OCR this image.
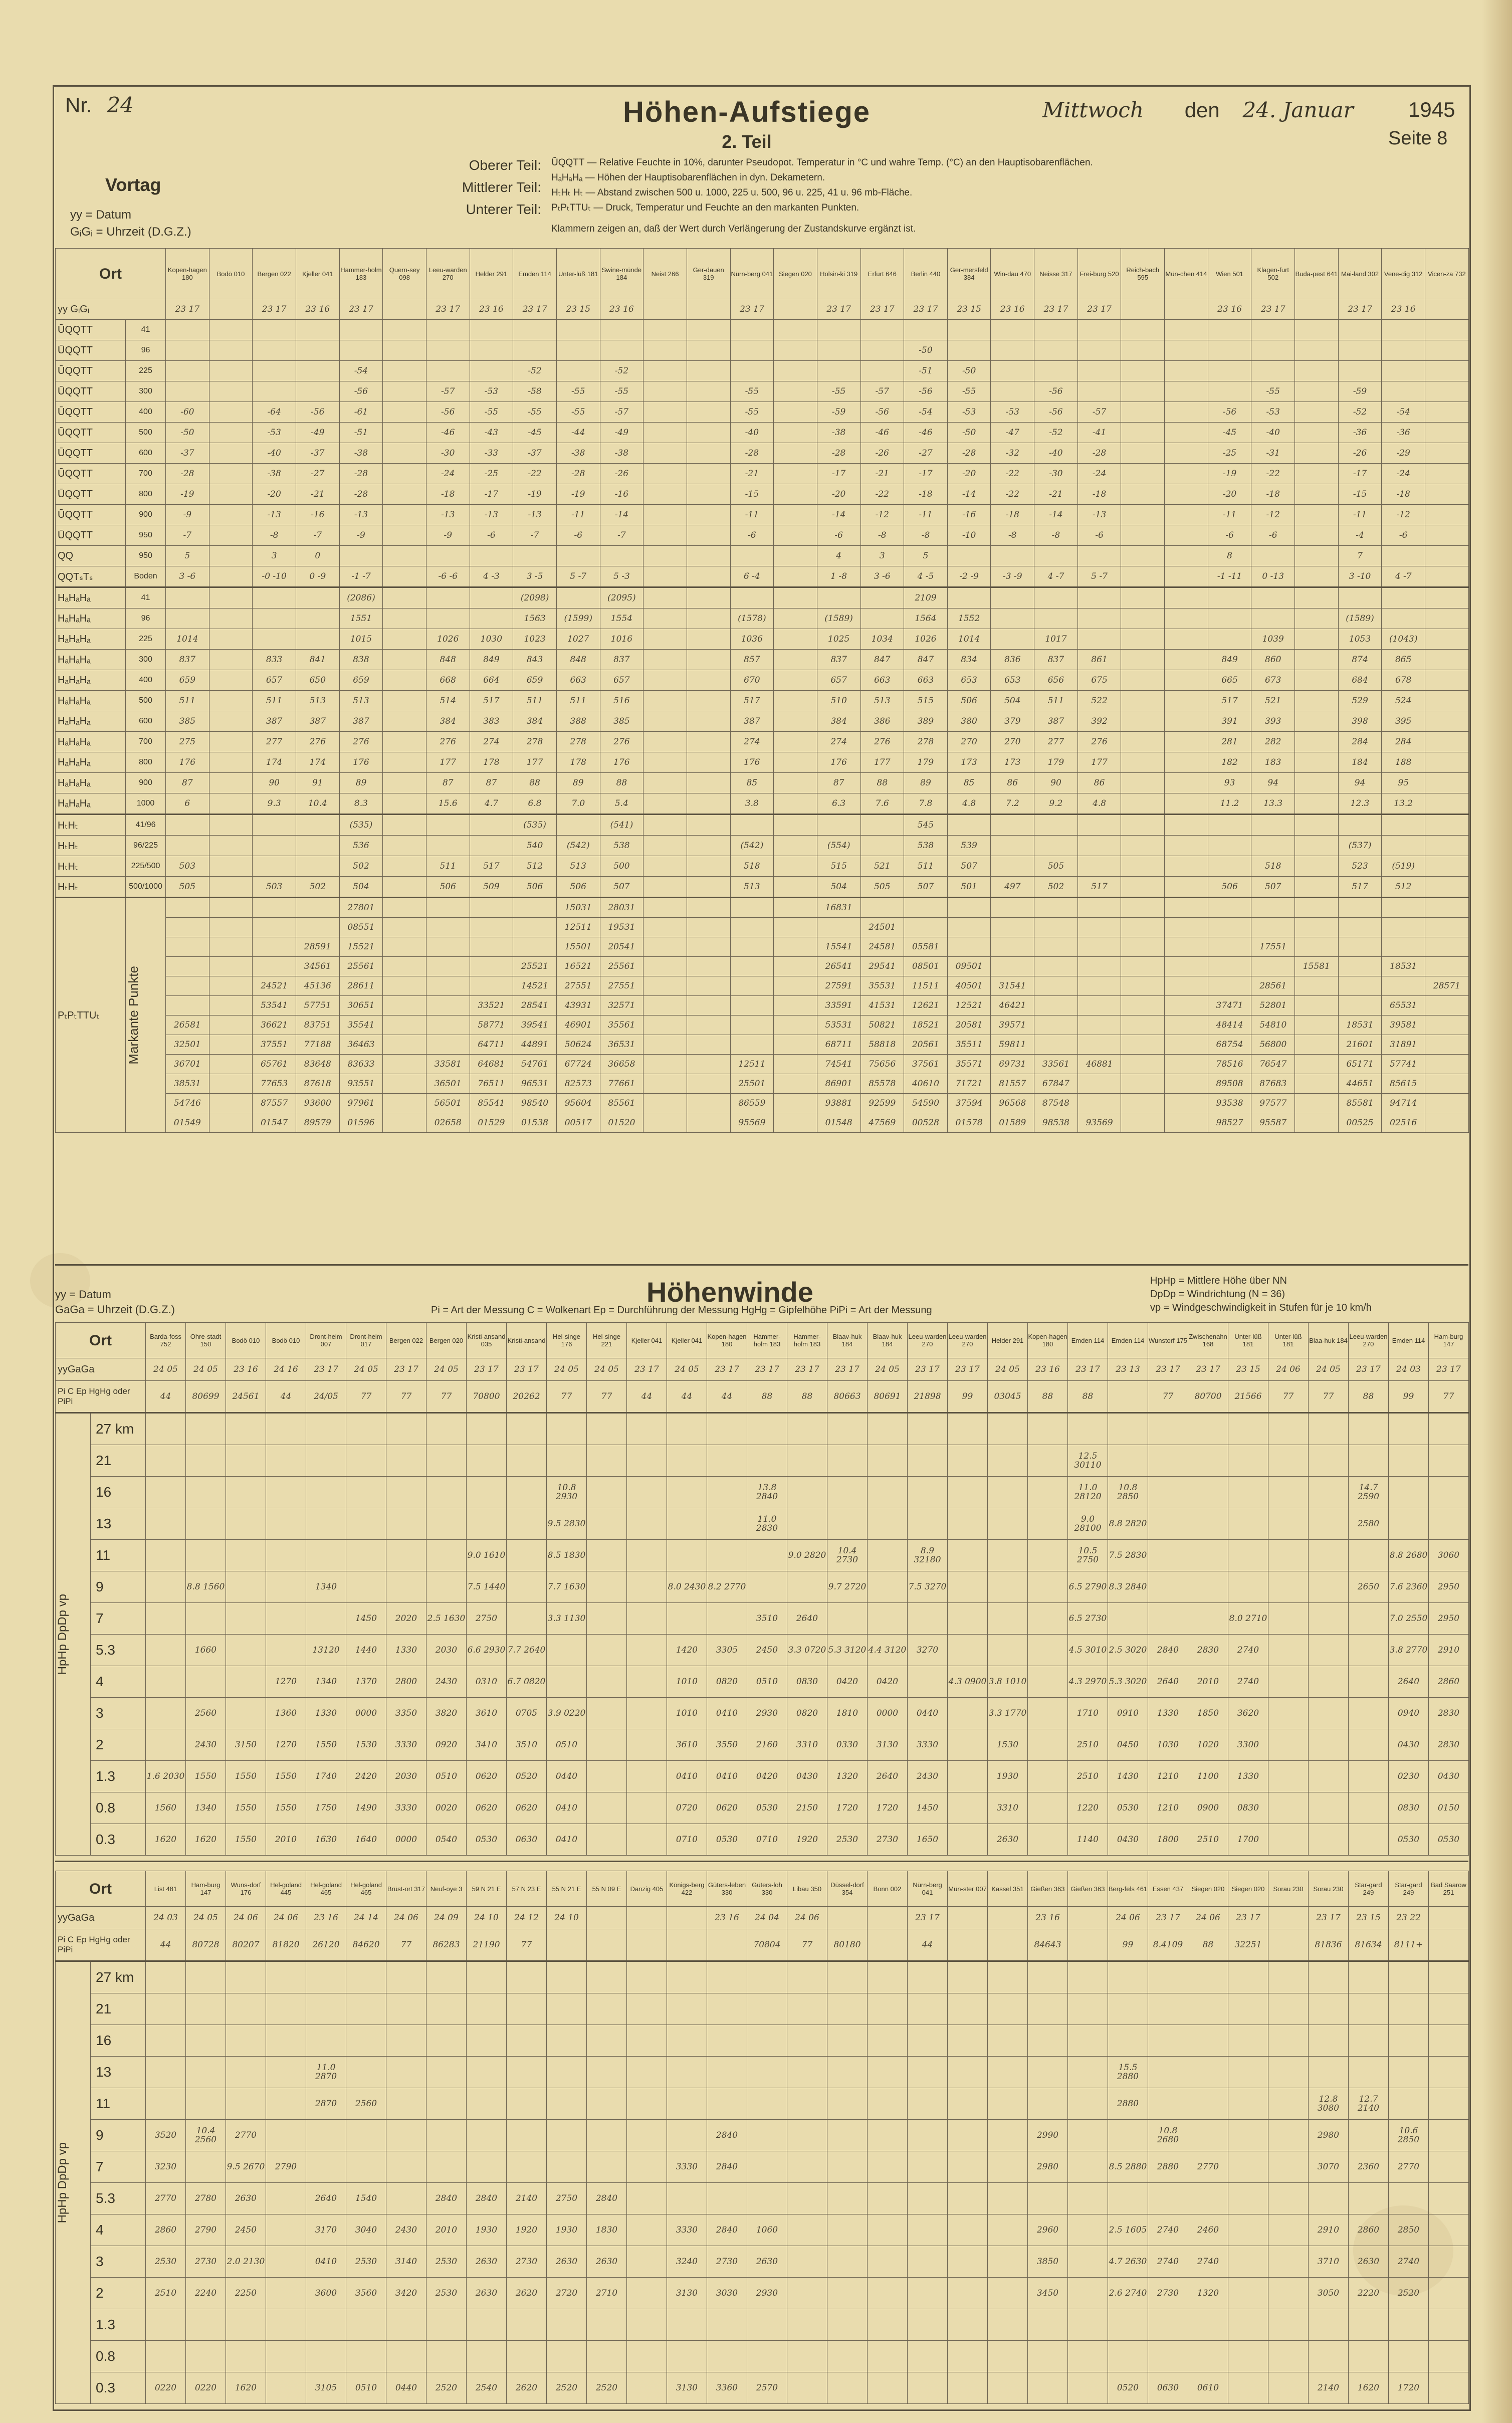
Nr. 24	Höhen-Aufstiege
2. Teil
Mittwoch den 24. Januar	1945
Seite 8
Vortag
yy = Datum
GᵢGᵢ = Uhrzeit (D.G.Z.)
Oberer Teil:
Mittlerer Teil:
Unterer Teil:
ŪQQTT — Relative Feuchte in 10%, darunter Pseudopot. Temperatur in °C und wahre Temp. (°C) an den Hauptisobarenflächen.
HₐHₐHₐ — Höhen der Hauptisobarenflächen in dyn. Dekametern.
HₜHₜ Hₜ — Abstand zwischen 500 u. 1000, 225 u. 500, 96 u. 225, 41 u. 96 mb-Fläche.
PₜPₜTTUₜ — Druck, Temperatur und Feuchte an den markanten Punkten.
Klammern zeigen an, daß der Wert durch Verlängerung der Zustandskurve ergänzt ist.
Ort		Kopen-hagen 180	Bodö 010	Bergen 022	Kjeller 041	Hammer-holm 183	Quern-sey 098	Leeu-warden 270	Helder 291	Emden 114	Unter-lüß 181	Swine-münde 184	Neist 266	Ger-dauen 319	Nürn-berg 041	Siegen 020	Holsin-ki 319	Erfurt 646	Berlin 440	Ger-mersfeld 384	Win-dau 470	Neisse 317	Frei-burg 520	Reich-bach 595	Mün-chen 414	Wien 501	Klagen-furt 502	Buda-pest 641	Mai-land 302	Vene-dig 312	Vicen-za 732	
yy GᵢGᵢ		23 17		23 17	23 16	23 17		23 17	23 16	23 17	23 15	23 16			23 17		23 17	23 17	23 17	23 15	23 16	23 17	23 17			23 16	23 17		23 17	23 16		
ŪQQTT	41																															
ŪQQTT	96																		-50													
ŪQQTT	225					-54				-52		-52							-51	-50												
ŪQQTT	300					-56		-57	-53	-58	-55	-55			-55		-55	-57	-56	-55		-56					-55		-59			
ŪQQTT	400	-60		-64	-56	-61		-56	-55	-55	-55	-57			-55		-59	-56	-54	-53	-53	-56	-57			-56	-53		-52	-54		
ŪQQTT	500	-50		-53	-49	-51		-46	-43	-45	-44	-49			-40		-38	-46	-46	-50	-47	-52	-41			-45	-40		-36	-36		
ŪQQTT	600	-37		-40	-37	-38		-30	-33	-37	-38	-38			-28		-28	-26	-27	-28	-32	-40	-28			-25	-31		-26	-29		
ŪQQTT	700	-28		-38	-27	-28		-24	-25	-22	-28	-26			-21		-17	-21	-17	-20	-22	-30	-24			-19	-22		-17	-24		
ŪQQTT	800	-19		-20	-21	-28		-18	-17	-19	-19	-16			-15		-20	-22	-18	-14	-22	-21	-18			-20	-18		-15	-18		
ŪQQTT	900	-9		-13	-16	-13		-13	-13	-13	-11	-14			-11		-14	-12	-11	-16	-18	-14	-13			-11	-12		-11	-12		
ŪQQTT	950	-7		-8	-7	-9		-9	-6	-7	-6	-7			-6		-6	-8	-8	-10	-8	-8	-6			-6	-6		-4	-6		
QQ	950	5		3	0												4	3	5							8			7			
QQTₛTₛ	Boden	3 -6		-0 -10	0 -9	-1 -7		-6 -6	4 -3	3 -5	5 -7	5 -3			6 -4		1 -8	3 -6	4 -5	-2 -9	-3 -9	4 -7	5 -7			-1 -11	0 -13		3 -10	4 -7		
HₐHₐHₐ	41					(2086)				(2098)		(2095)							2109													
HₐHₐHₐ	96					1551				1563	(1599)	1554			(1578)		(1589)		1564	1552									(1589)			
HₐHₐHₐ	225	1014				1015		1026	1030	1023	1027	1016			1036		1025	1034	1026	1014		1017					1039		1053	(1043)		
HₐHₐHₐ	300	837		833	841	838		848	849	843	848	837			857		837	847	847	834	836	837	861			849	860		874	865		
HₐHₐHₐ	400	659		657	650	659		668	664	659	663	657			670		657	663	663	653	653	656	675			665	673		684	678		
HₐHₐHₐ	500	511		511	513	513		514	517	511	511	516			517		510	513	515	506	504	511	522			517	521		529	524		
HₐHₐHₐ	600	385		387	387	387		384	383	384	388	385			387		384	386	389	380	379	387	392			391	393		398	395		
HₐHₐHₐ	700	275		277	276	276		276	274	278	278	276			274		274	276	278	270	270	277	276			281	282		284	284		
HₐHₐHₐ	800	176		174	174	176		177	178	177	178	176			176		176	177	179	173	173	179	177			182	183		184	188		
HₐHₐHₐ	900	87		90	91	89		87	87	88	89	88			85		87	88	89	85	86	90	86			93	94		94	95		
HₐHₐHₐ	1000	6		9.3	10.4	8.3		15.6	4.7	6.8	7.0	5.4			3.8		6.3	7.6	7.8	4.8	7.2	9.2	4.8			11.2	13.3		12.3	13.2		
HₜHₜ	41/96					(535)				(535)		(541)							545													
HₜHₜ	96/225					536				540	(542)	538			(542)		(554)		538	539									(537)			
HₜHₜ	225/500	503				502		511	517	512	513	500			518		515	521	511	507		505					518		523	(519)		
HₜHₜ	500/1000	505		503	502	504		506	509	506	506	507			513		504	505	507	501	497	502	517			506	507		517	512		
PₜPₜTTUₜ	Markante Punkte					27801					15031	28031					16831															
						08551					12511	19531						24501														
					28591	15521					15501	20541					15541	24581	05581								17551					
					34561	25561				25521	16521	25561					26541	29541	08501	09501								15581		18531		
				24521	45136	28611				14521	27551	27551					27591	35531	11511	40501	31541						28561				28571	
				53541	57751	30651			33521	28541	43931	32571					33591	41531	12621	12521	46421					37471	52801			65531		
		26581		36621	83751	35541			58771	39541	46901	35561					53531	50821	18521	20581	39571					48414	54810		18531	39581		
		32501		37551	77188	36463			64711	44891	50624	36531					68711	58818	20561	35511	59811					68754	56800		21601	31891		
		36701		65761	83648	83633		33581	64681	54761	67724	36658			12511		74541	75656	37561	35571	69731	33561	46881			78516	76547		65171	57741		
		38531		77653	87618	93551		36501	76511	96531	82573	77661			25501		86901	85578	40610	71721	81557	67847				89508	87683		44651	85615		
		54746		87557	93600	97961		56501	85541	98540	95604	85561			86559		93881	92599	54590	37594	96568	87548				93538	97577		85581	94714		
		01549		01547	89579	01596		02658	01529	01538	00517	01520			95569		01548	47569	00528	01578	01589	98538	93569			98527	95587		00525	02516		
yy = Datum
GaGa = Uhrzeit (D.G.Z.)
Höhenwinde
Pi = Art der Messung C = Wolkenart Ep = Durchführung der Messung HgHg = Gipfelhöhe PiPi = Art der Messung
HpHp = Mittlere Höhe über NN
DpDp = Windrichtung (N = 36)
vp = Windgeschwindigkeit in Stufen für je 10 km/h
Ort		Barda-foss 752	Ohre-stadt 150	Bodö 010	Bodö 010	Dront-heim 007	Dront-heim 017	Bergen 022	Bergen 020	Kristi-ansand 035	Kristi-ansand	Hel-singe 176	Hel-singe 221	Kjeller 041	Kjeller 041	Kopen-hagen 180	Hammer-holm 183	Hammer-holm 183	Blaav-huk 184	Blaav-huk 184	Leeu-warden 270	Leeu-warden 270	Helder 291	Kopen-hagen 180	Emden 114	Emden 114	Wunstorf 175	Zwischenahn 168	Unter-lüß 181	Unter-lüß 181	Blaa-huk 184	Leeu-warden 270	Emden 114	Ham-burg 147
yyGaGa		24 05	24 05	23 16	24 16	23 17	24 05	23 17	24 05	23 17	23 17	24 05	24 05	23 17	24 05	23 17	23 17	23 17	23 17	24 05	23 17	23 17	24 05	23 16	23 17	23 13	23 17	23 17	23 15	24 06	24 05	23 17	24 03	23 17
Pi C Ep HgHg oder PiPi		44	80699	24561	44	24/05	77	77	77	70800	20262	77	77	44	44	44	88	88	80663	80691	21898	99	03045	88	88		77	80700	21566	77	77	88	99	77

HpHp DpDp vp	27 km																																	
	21																								12.5 30110									
	16											10.8 2930					13.8 2840								11.0 28120	10.8 2850						14.7 2590		
	13											9.5 2830					11.0 2830								9.0 28100	8.8 2820						2580		
	11									9.0 1610		8.5 1830						9.0 2820	10.4 2730		8.9 32180				10.5 2750	7.5 2830							8.8 2680	3060
	9		8.8 1560			1340				7.5 1440		7.7 1630			8.0 2430	8.2 2770			9.7 2720		7.5 3270				6.5 2790	8.3 2840						2650	7.6 2360	2950
	7						1450	2020	2.5 1630	2750		3.3 1130					3510	2640							6.5 2730				8.0 2710				7.0 2550	2950
	5.3		1660			13120	1440	1330	2030	6.6 2930	7.7 2640				1420	3305	2450	3.3 0720	5.3 3120	4.4 3120	3270				4.5 3010	2.5 3020	2840	2830	2740				3.8 2770	2910
	4				1270	1340	1370	2800	2430	0310	6.7 0820				1010	0820	0510	0830	0420	0420		4.3 0900	3.8 1010		4.3 2970	5.3 3020	2640	2010	2740				2640	2860
	3		2560		1360	1330	0000	3350	3820	3610	0705	3.9 0220			1010	0410	2930	0820	1810	0000	0440		3.3 1770		1710	0910	1330	1850	3620				0940	2830
	2		2430	3150	1270	1550	1530	3330	0920	3410	3510	0510			3610	3550	2160	3310	0330	3130	3330		1530		2510	0450	1030	1020	3300				0430	2830
	1.3	1.6 2030	1550	1550	1550	1740	2420	2030	0510	0620	0520	0440			0410	0410	0420	0430	1320	2640	2430		1930		2510	1430	1210	1100	1330				0230	0430
	0.8	1560	1340	1550	1550	1750	1490	3330	0020	0620	0620	0410			0720	0620	0530	2150	1720	1720	1450		3310		1220	0530	1210	0900	0830				0830	0150
	0.3	1620	1620	1550	2010	1630	1640	0000	0540	0530	0630	0410			0710	0530	0710	1920	2530	2730	1650		2630		1140	0430	1800	2510	1700				0530	0530
Ort		List 481	Ham-burg 147	Wuns-dorf 176	Hel-goland 445	Hel-goland 465	Hel-goland 465	Brüst-ort 317	Neuf-oye 3	59 N 21 E	57 N 23 E	55 N 21 E	55 N 09 E	Danzig 405	Königs-berg 422	Güters-leben 330	Güters-loh 330	Libau 350	Düssel-dorf 354	Bonn 002	Nürn-berg 041	Mün-ster 007	Kassel 351	Gießen 363	Gießen 363	Berg-fels 461	Essen 437	Siegen 020	Siegen 020	Sorau 230	Sorau 230	Star-gard 249	Star-gard 249	Bad Saarow 251
yyGaGa		24 03	24 05	24 06	24 06	23 16	24 14	24 06	24 09	24 10	24 12	24 10				23 16	24 04	24 06			23 17			23 16		24 06	23 17	24 06	23 17		23 17	23 15	23 22	
Pi C Ep HgHg oder PiPi		44	80728	80207	81820	26120	84620	77	86283	21190	77						70804	77	80180		44			84643		99	8.4109	88	32251		81836	81634	8111+	

HpHp DpDp vp	27 km																																	
	21																																	
	16																																	
	13					11.0 2870																				15.5 2880								
	11					2870	2560																			2880					12.8 3080	12.7 2140		
	9	3520	10.4 2560	2770												2840								2990			10.8 2680				2980		10.6 2850	
	7	3230		9.5 2670	2790										3330	2840								2980		8.5 2880	2880	2770			3070	2360	2770	
	5.3	2770	2780	2630		2640	1540		2840	2840	2140	2750	2840																					
	4	2860	2790	2450		3170	3040	2430	2010	1930	1920	1930	1830		3330	2840	1060							2960		2.5 1605	2740	2460			2910	2860	2850	
	3	2530	2730	2.0 2130		0410	2530	3140	2530	2630	2730	2630	2630		3240	2730	2630							3850		4.7 2630	2740	2740			3710	2630	2740	
	2	2510	2240	2250		3600	3560	3420	2530	2630	2620	2720	2710		3130	3030	2930							3450		2.6 2740	2730	1320			3050	2220	2520	
	1.3																																	
	0.8																																	
	0.3	0220	0220	1620		3105	0510	0440	2520	2540	2620	2520	2520		3130	3360	2570									0520	0630	0610			2140	1620	1720	
